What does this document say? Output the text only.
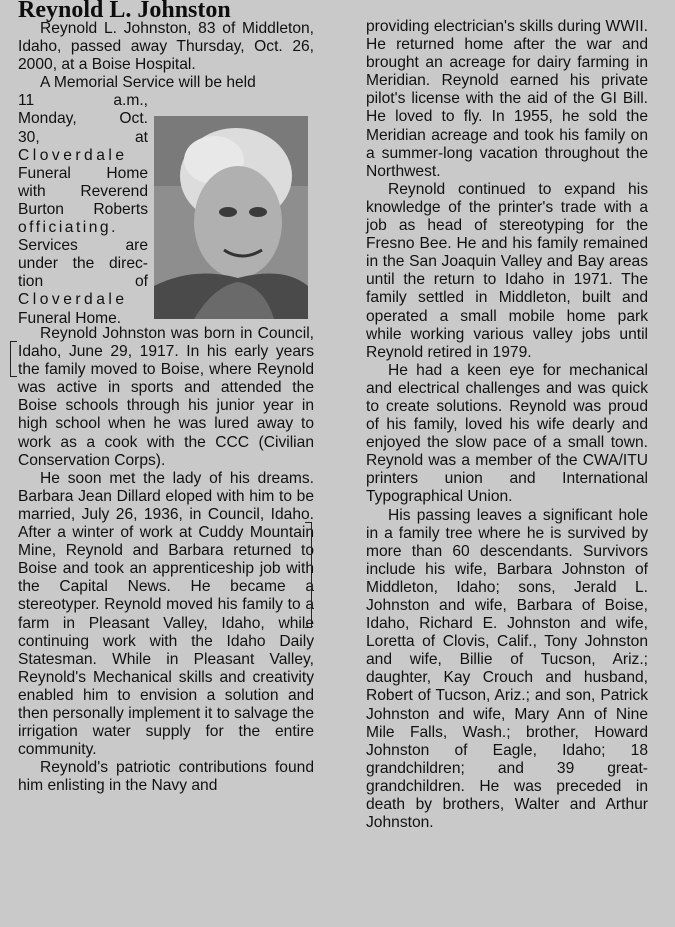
Reynold L. Johnston

Reynold L. Johnston, 83 of Middleton, Idaho, passed away Thursday, Oct. 26, 2000, at a Boise Hospital.

A Memorial Service will be held

11 a.m.,
Monday, Oct.
30, at
Cloverdale
Funeral Home
with Reverend
Burton Roberts
officiating.
Services are
under the direc-
tion of
Cloverdale
Funeral Home.

Reynold Johnston was born in Council, Idaho, June 29, 1917. In his early years the family moved to Boise, where Reynold was active in sports and attended the Boise schools through his junior year in high school when he was lured away to work as a cook with the CCC (Civilian Conservation Corps).

He soon met the lady of his dreams. Barbara Jean Dillard eloped with him to be married, July 26, 1936, in Council, Idaho. After a winter of work at Cuddy Mountain Mine, Reynold and Barbara returned to Boise and took an apprenticeship job with the Capital News. He became a stereotyper. Reynold moved his family to a farm in Pleasant Valley, Idaho, while continuing work with the Idaho Daily Statesman. While in Pleasant Valley, Reynold's Mechanical skills and creativity enabled him to envision a solution and then personally implement it to salvage the irrigation water supply for the entire community.

Reynold's patriotic contributions found him enlisting in the Navy and

providing electrician's skills during WWII. He returned home after the war and brought an acreage for dairy farming in Meridian. Reynold earned his private pilot's license with the aid of the GI Bill. He loved to fly. In 1955, he sold the Meridian acreage and took his family on a summer-long vacation throughout the Northwest.

Reynold continued to expand his knowledge of the printer's trade with a job as head of stereotyping for the Fresno Bee. He and his family remained in the San Joaquin Valley and Bay areas until the return to Idaho in 1971. The family settled in Middleton, built and operated a small mobile home park while working various valley jobs until Reynold retired in 1979.

He had a keen eye for mechanical and electrical challenges and was quick to create solutions. Reynold was proud of his family, loved his wife dearly and enjoyed the slow pace of a small town. Reynold was a member of the CWA/ITU printers union and International Typographical Union.

His passing leaves a significant hole in a family tree where he is survived by more than 60 descendants. Survivors include his wife, Barbara Johnston of Middleton, Idaho; sons, Jerald L. Johnston and wife, Barbara of Boise, Idaho, Richard E. Johnston and wife, Loretta of Clovis, Calif., Tony Johnston and wife, Billie of Tucson, Ariz.; daughter, Kay Crouch and husband, Robert of Tucson, Ariz.; and son, Patrick Johnston and wife, Mary Ann of Nine Mile Falls, Wash.; brother, Howard Johnston of Eagle, Idaho; 18 grandchildren; and 39 great-grandchildren. He was preceded in death by brothers, Walter and Arthur Johnston.
